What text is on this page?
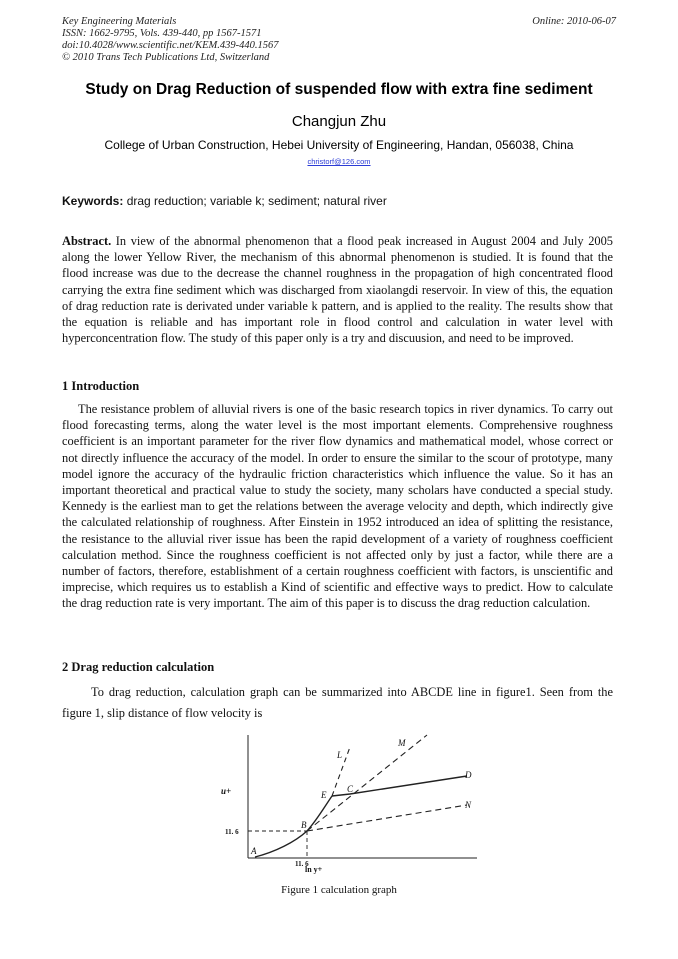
Key Engineering Materials
ISSN: 1662-9795, Vols. 439-440, pp 1567-1571
doi:10.4028/www.scientific.net/KEM.439-440.1567
© 2010 Trans Tech Publications Ltd, Switzerland
Online: 2010-06-07
Study on Drag Reduction of suspended flow with extra fine sediment
Changjun Zhu
College of Urban Construction, Hebei University of Engineering, Handan, 056038, China
christorf@126.com
Keywords: drag reduction; variable k; sediment; natural river
Abstract. In view of the abnormal phenomenon that a flood peak increased in August 2004 and July 2005 along the lower Yellow River, the mechanism of this abnormal phenomenon is studied. It is found that the flood increase was due to the decrease the channel roughness in the propagation of high concentrated flood carrying the extra fine sediment which was discharged from xiaolangdi reservoir. In view of this, the equation of drag reduction rate is derivated under variable k pattern, and is applied to the reality. The results show that the equation is reliable and has important role in flood control and calculation in water level with hyperconcentration flow. The study of this paper only is a try and discuusion, and need to be improved.
1 Introduction
The resistance problem of alluvial rivers is one of the basic research topics in river dynamics. To carry out flood forecasting terms, along the water level is the most important elements. Comprehensive roughness coefficient is an important parameter for the river flow dynamics and mathematical model, whose correct or not directly influence the accuracy of the model. In order to ensure the similar to the scour of prototype, many model ignore the accuracy of the hydraulic friction characteristics which influence the value. So it has an important theoretical and practical value to study the society, many scholars have conducted a special study. Kennedy is the earliest man to get the relations between the average velocity and depth, which indirectly give the calculated relationship of roughness. After Einstein in 1952 introduced an idea of splitting the resistance, the resistance to the alluvial river issue has been the rapid development of a variety of roughness coefficient calculation method. Since the roughness coefficient is not affected only by just a factor, while there are a number of factors, therefore, establishment of a certain roughness coefficient with factors, is unscientific and imprecise, which requires us to establish a Kind of scientific and effective ways to predict. How to calculate the drag reduction rate is very important. The aim of this paper is to discuss the drag reduction calculation.
2 Drag reduction calculation
To drag reduction, calculation graph can be summarized into ABCDE line in figure1. Seen from the figure 1, slip distance of flow velocity is
u+
ln y+
11. 6
11. 6
A
B
C
D
E
L
M
N
Figure 1 calculation graph
